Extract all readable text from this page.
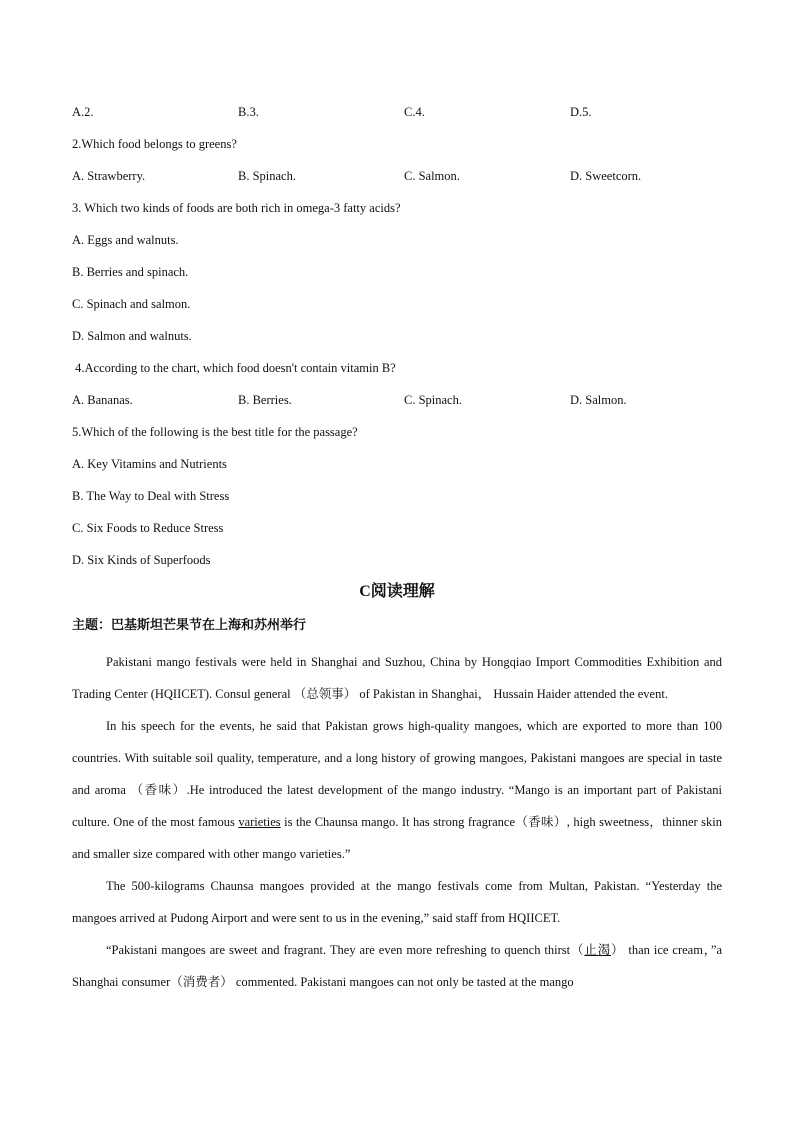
A.2.	B.3.	C.4.	D.5.
2.Which food belongs to greens?
A. Strawberry.	B. Spinach.	C. Salmon.	D. Sweetcorn.
3. Which two kinds of foods are both rich in omega-3 fatty acids?
A. Eggs and walnuts.
B. Berries and spinach.
C. Spinach and salmon.
D. Salmon and walnuts.
4.According to the chart, which food doesn't contain vitamin B?
A. Bananas.	B. Berries.	C. Spinach.	D. Salmon.
5.Which of the following is the best title for the passage?
A. Key Vitamins and Nutrients
B. The Way to Deal with Stress
C. Six Foods to Reduce Stress
D. Six Kinds of Superfoods
C阅读理解
主题：巴基斯坦芒果节在上海和苏州举行

Pakistani mango festivals were held in Shanghai and Suzhou, China by Hongqiao Import Commodities Exhibition and Trading Center (HQIICET). Consul general （总领事） of Pakistan in Shanghai， Hussain Haider attended the event.

In his speech for the events, he said that Pakistan grows high-quality mangoes, which are exported to more than 100 countries. With suitable soil quality, temperature, and a long history of growing mangoes, Pakistani mangoes are special in taste and aroma （香味）.He introduced the latest development of the mango industry. “Mango is an important part of Pakistani culture. One of the most famous varieties is the Chaunsa mango. It has strong fragrance（香味）, high sweetness，thinner skin and smaller size compared with other mango varieties.”

The 500-kilograms Chaunsa mangoes provided at the mango festivals come from Multan, Pakistan. “Yesterday the mangoes arrived at Pudong Airport and were sent to us in the evening,” said staff from HQIICET.

“Pakistani mangoes are sweet and fragrant. They are even more refreshing to quench thirst（止渴） than ice cream，”a Shanghai consumer（消费者） commented. Pakistani mangoes can not only be tasted at the mango
